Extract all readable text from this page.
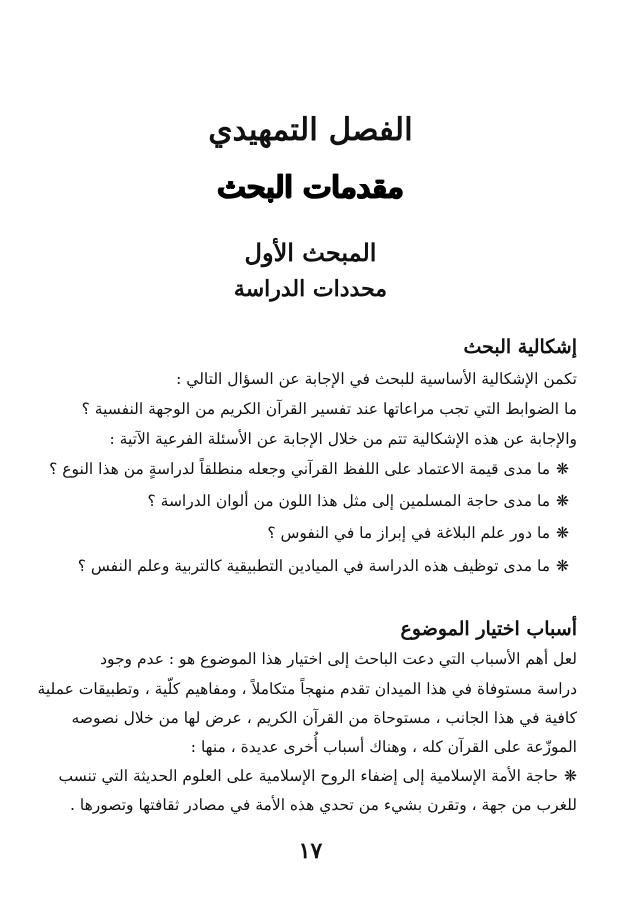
الفصل التمهيدي
مقدمات البحث
المبحث الأول
محددات الدراسة
إشكالية البحث
تكمن الإشكالية الأساسية للبحث في الإجابة عن السؤال التالي :
ما الضوابط التي تجب مراعاتها عند تفسير القرآن الكريم من الوجهة النفسية ؟
والإجابة عن هذه الإشكالية تتم من خلال الإجابة عن الأسئلة الفرعية الآتية :
❋ما مدى قيمة الاعتماد على اللفظ القرآني وجعله منطلقاً لدراسةٍ من هذا النوع ؟
❋ما مدى حاجة المسلمين إلى مثل هذا اللون من ألوان الدراسة ؟
❋ما دور علم البلاغة في إبراز ما في النفوس ؟
❋ما مدى توظيف هذه الدراسة في الميادين التطبيقية كالتربية وعلم النفس ؟
أسباب اختيار الموضوع
لعل أهم الأسباب التي دعت الباحث إلى اختيار هذا الموضوع هو : عدم وجود
دراسة مستوفاة في هذا الميدان تقدم منهجاً متكاملاً ، ومفاهيم كلّية ، وتطبيقات عملية
كافية في هذا الجانب ، مستوحاة من القرآن الكريم ، عرض لها من خلال نصوصه
الموزّعة على القرآن كله ، وهناك أسباب أُخرى عديدة ، منها :
❋حاجة الأمة الإسلامية إلى إضفاء الروح الإسلامية على العلوم الحديثة التي تنسب
للغرب من جهة ، وتقرن بشيء من تحدي هذه الأمة في مصادر ثقافتها وتصورها .
١٧
